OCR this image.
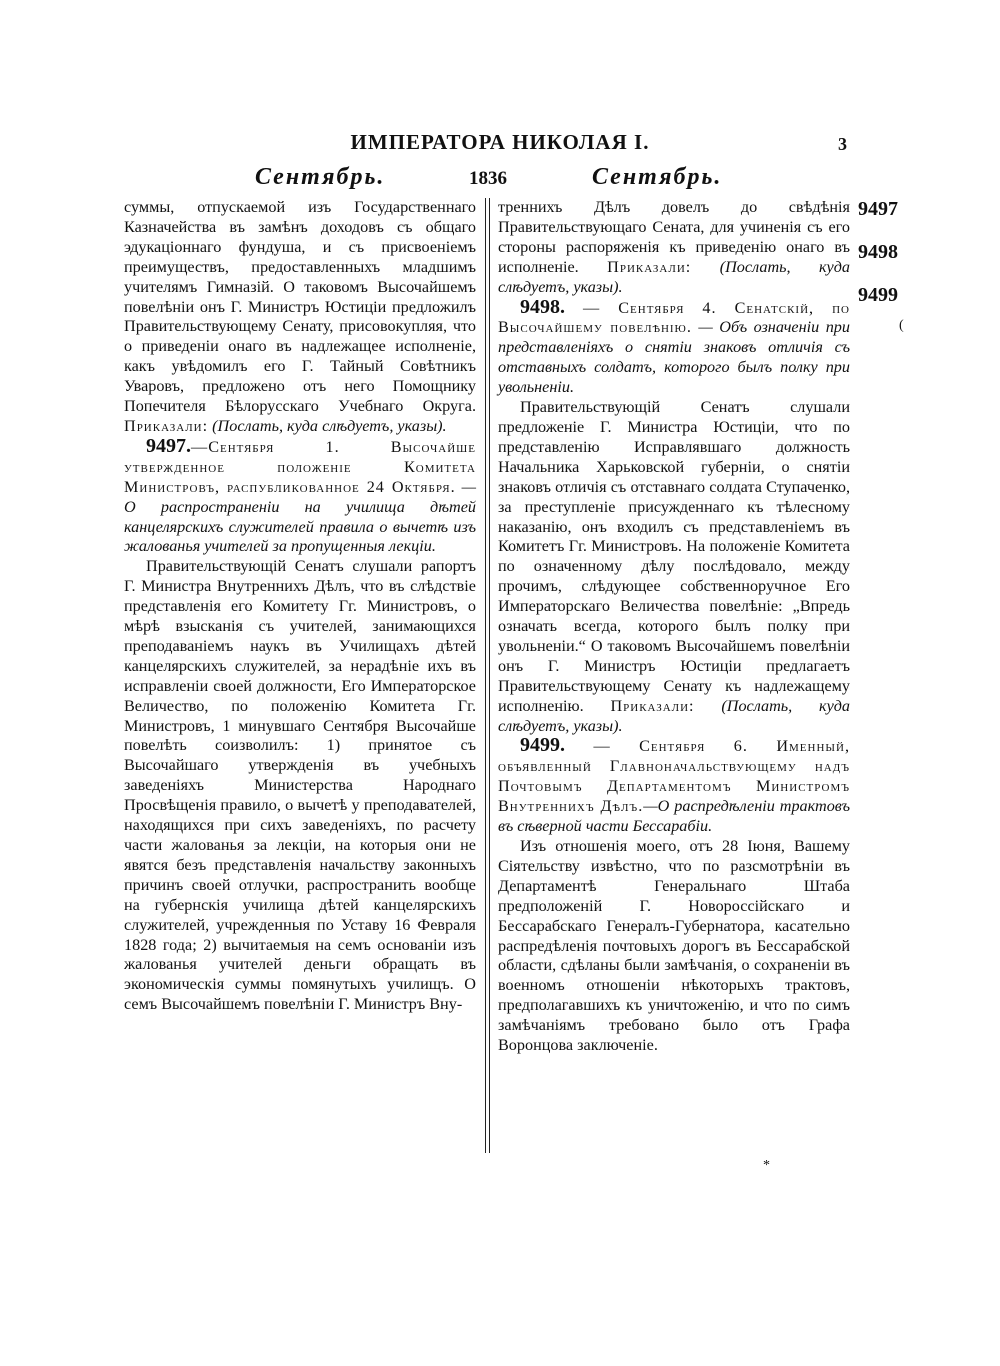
ИМПЕРАТОРА НИКОЛАЯ I.	3
Сентябрь.	1836	Сентябрь.

суммы, отпускаемой изъ Государственнаго Казначейства въ замѣнъ доходовъ съ общаго эдукаціоннаго фундуша, и съ присвоеніемъ преимуществъ, предоставленныхъ младшимъ учителямъ Гимназій. О таковомъ Высочайшемъ повелѣніи онъ Г. Министръ Юстиціи предложилъ Правительствующему Сенату, присовокупляя, что о приведеніи онаго въ надлежащее исполненіе, какъ увѣдомилъ его Г. Тайный Совѣтникъ Уваровъ, предложено отъ него Помощнику Попечителя Бѣлорусскаго Учебнаго Округа. Приказали: (Послать, куда слѣдуетъ, указы).

9497.—Сентября 1. Высочайше утвержденное положеніе Комитета Министровъ, распубликованное 24 Октября. — О распространеніи на училища дѣтей канцелярскихъ служителей правила о вычетѣ изъ жалованья учителей за пропущенныя лекціи.

Правительствующій Сенатъ слушали рапортъ Г. Министра Внутреннихъ Дѣлъ, что въ слѣдствіе представленія его Комитету Гг. Министровъ, о мѣрѣ взысканія съ учителей, занимающихся преподаваніемъ наукъ въ Училищахъ дѣтей канцелярскихъ служителей, за нерадѣніе ихъ въ исправленіи своей должности, Его Императорское Величество, по положенію Комитета Гг. Министровъ, 1 минувшаго Сентября Высочайше повелѣть соизволилъ: 1) принятое съ Высочайшаго утвержденія въ учебныхъ заведеніяхъ Министерства Народнаго Просвѣщенія правило, о вычетѣ у преподавателей, находящихся при сихъ заведеніяхъ, по расчету части жалованья за лекціи, на которыя они не явятся безъ представленія начальству законныхъ причинъ своей отлучки, распространить вообще на губернскія училища дѣтей канцелярскихъ служителей, учрежденныя по Уставу 16 Февраля 1828 года; 2) вычитаемыя на семъ основаніи изъ жалованья учителей деньги обращать въ экономическія суммы помянутыхъ училищъ. О семъ Высочайшемъ повелѣніи Г. Министръ Вну-

треннихъ Дѣлъ довелъ до свѣдѣнія Правительствующаго Сената, для учиненія съ его стороны распоряженія къ приведенію онаго въ исполненіе. Приказали: (Послать, куда слѣдуетъ, указы).

9498. — Сентября 4. Сенатскій, по Высочайшему повелѣнію. — Объ означеніи при представленіяхъ о снятіи знаковъ отличія съ отставныхъ солдатъ, которого былъ полку при увольненіи.

Правительствующій Сенатъ слушали предложеніе Г. Министра Юстиціи, что по представленію Исправлявшаго должность Начальника Харьковской губерніи, о снятіи знаковъ отличія съ отставнаго солдата Ступаченко, за преступленіе присужденнаго къ тѣлесному наказанію, онъ входилъ съ представленіемъ въ Комитетъ Гг. Министровъ. На положеніе Комитета по означенному дѣлу послѣдовало, между прочимъ, слѣдующее собственноручное Его Императорскаго Величества повелѣніе: „Впредь означать всегда, которого былъ полку при увольненіи.“ О таковомъ Высочайшемъ повелѣніи онъ Г. Министръ Юстиціи предлагаетъ Правительствующему Сенату къ надлежащему исполненію. Приказали: (Послать, куда слѣдуетъ, указы).

9499. — Сентября 6. Именный, объявленный Главноначальствующему надъ Почтовымъ Департаментомъ Министромъ Внутреннихъ Дѣлъ.—О распредѣленіи трактовъ въ сѣверной части Бессарабіи.

Изъ отношенія моего, отъ 28 Іюня, Вашему Сіятельству извѣстно, что по разсмотрѣніи въ Департаментѣ Генеральнаго Штаба предположеній Г. Новороссійскаго и Бессарабскаго Генералъ-Губернатора, касательно распредѣленія почтовыхъ дорогъ въ Бессарабской области, сдѣланы были замѣчанія, о сохраненіи въ военномъ отношеніи нѣкоторыхъ трактовъ, предполагавшихъ къ уничтоженію, и что по симъ замѣчаніямъ требовано было отъ Графа Воронцова заключеніе.

9497
9498
9499
(
*
